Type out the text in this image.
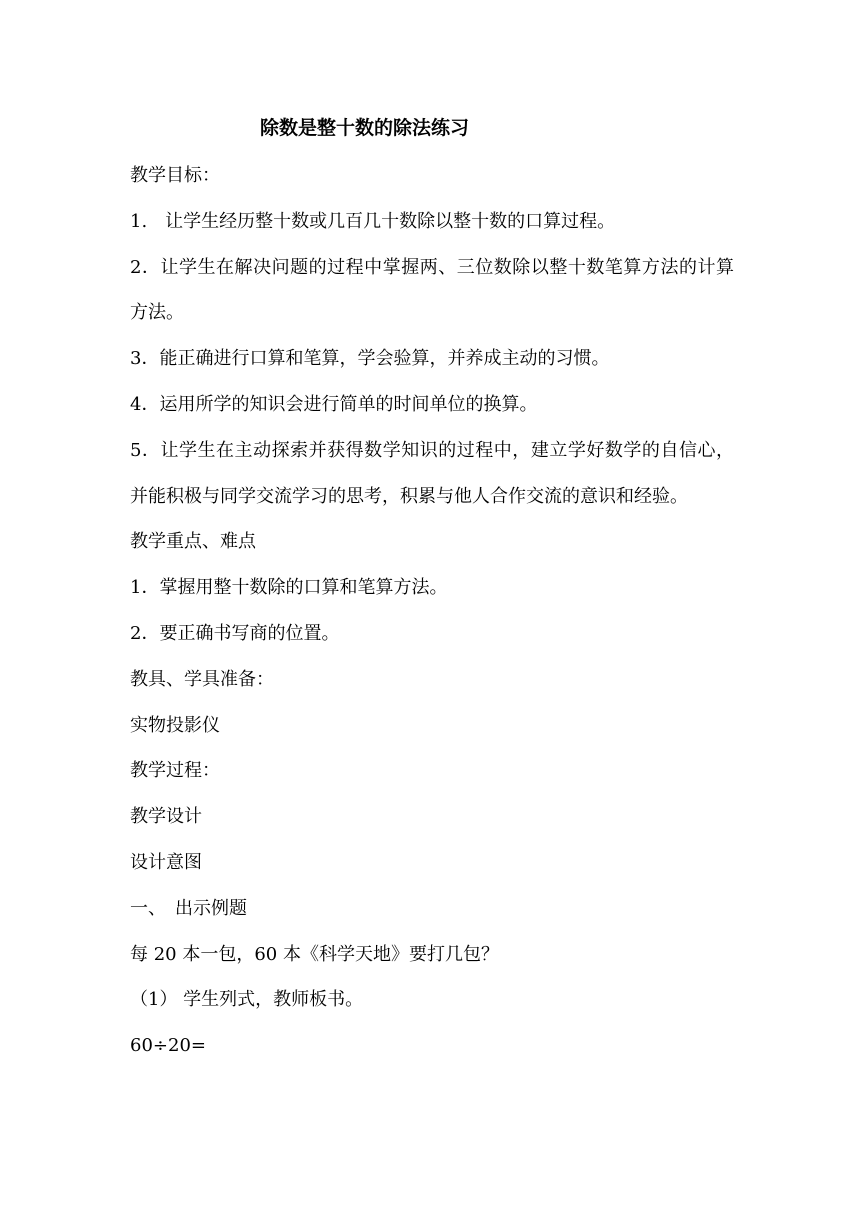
除数是整十数的除法练习

教学目标：

1.　让学生经历整十数或几百几十数除以整十数的口算过程。

2．让学生在解决问题的过程中掌握两、三位数除以整十数笔算方法的计算方法。

3．能正确进行口算和笔算，学会验算，并养成主动的习惯。

4．运用所学的知识会进行简单的时间单位的换算。

5．让学生在主动探索并获得数学知识的过程中，建立学好数学的自信心，并能积极与同学交流学习的思考，积累与他人合作交流的意识和经验。

教学重点、难点

1．掌握用整十数除的口算和笔算方法。

2．要正确书写商的位置。

教具、学具准备：

实物投影仪

教学过程：

教学设计

设计意图

一、　出示例题

每 20 本一包，60 本《科学天地》要打几包？

（1） 学生列式，教师板书。

60÷20=
